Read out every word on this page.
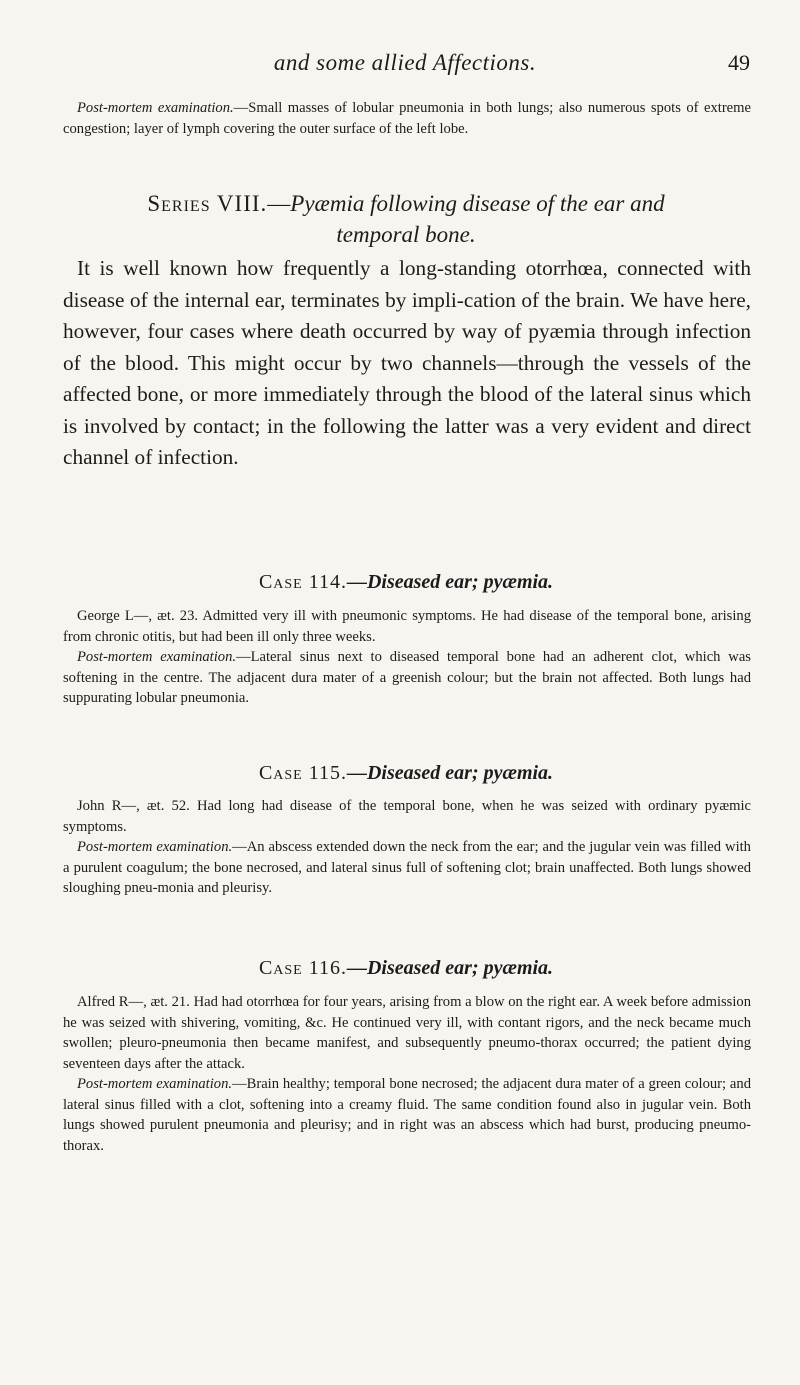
and some allied Affections.	49

Post-mortem examination.—Small masses of lobular pneumonia in both lungs; also numerous spots of extreme congestion; layer of lymph covering the outer surface of the left lobe.

Series VIII.—Pyæmia following disease of the ear and
temporal bone.

It is well known how frequently a long-standing otorrhœa, connected with disease of the internal ear, terminates by impli-cation of the brain. We have here, however, four cases where death occurred by way of pyæmia through infection of the blood. This might occur by two channels—through the vessels of the affected bone, or more immediately through the blood of the lateral sinus which is involved by contact; in the following the latter was a very evident and direct channel of infection.

Case 114.—Diseased ear; pyæmia.

George L—, æt. 23. Admitted very ill with pneumonic symptoms. He had disease of the temporal bone, arising from chronic otitis, but had been ill only three weeks.

Post-mortem examination.—Lateral sinus next to diseased temporal bone had an adherent clot, which was softening in the centre. The adjacent dura mater of a greenish colour; but the brain not affected. Both lungs had suppurating lobular pneumonia.

Case 115.—Diseased ear; pyæmia.

John R—, æt. 52. Had long had disease of the temporal bone, when he was seized with ordinary pyæmic symptoms.

Post-mortem examination.—An abscess extended down the neck from the ear; and the jugular vein was filled with a purulent coagulum; the bone necrosed, and lateral sinus full of softening clot; brain unaffected. Both lungs showed sloughing pneu-monia and pleurisy.

Case 116.—Diseased ear; pyæmia.

Alfred R—, æt. 21. Had had otorrhœa for four years, arising from a blow on the right ear. A week before admission he was seized with shivering, vomiting, &c. He continued very ill, with contant rigors, and the neck became much swollen; pleuro-pneumonia then became manifest, and subsequently pneumo-thorax occurred; the patient dying seventeen days after the attack.

Post-mortem examination.—Brain healthy; temporal bone necrosed; the adjacent dura mater of a green colour; and lateral sinus filled with a clot, softening into a creamy fluid. The same condition found also in jugular vein. Both lungs showed purulent pneumonia and pleurisy; and in right was an abscess which had burst, producing pneumo-thorax.
